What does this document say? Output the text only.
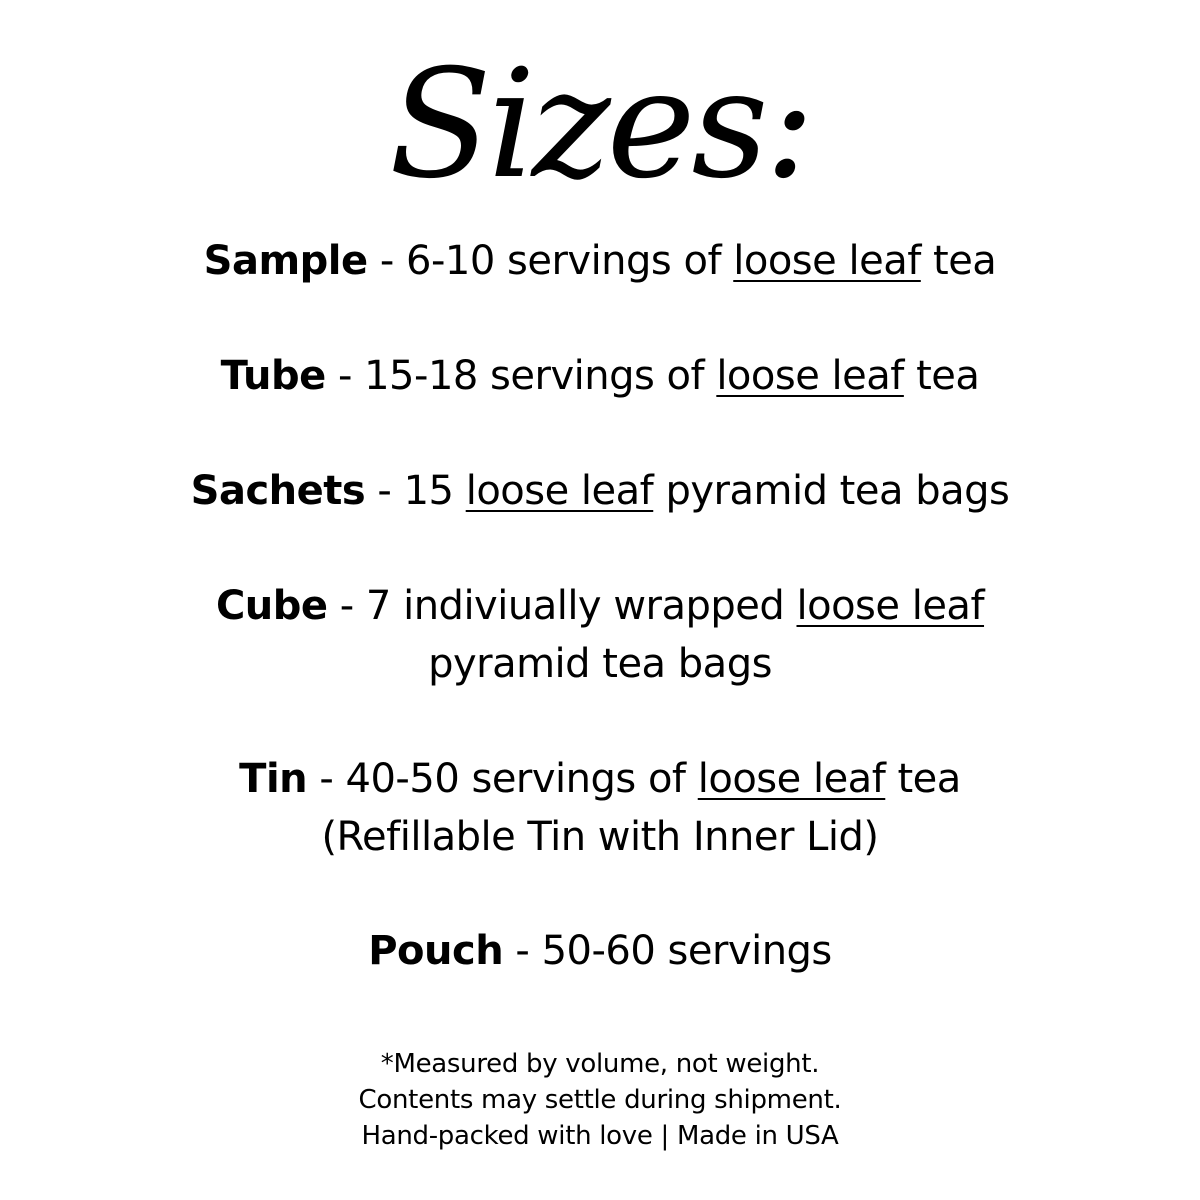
Sizes:
Sample - 6-10 servings of loose leaf tea
Tube - 15-18 servings of loose leaf tea
Sachets - 15 loose leaf pyramid tea bags
Cube - 7 indiviually wrapped loose leaf
pyramid tea bags
Tin - 40-50 servings of loose leaf tea
(Refillable Tin with Inner Lid)
Pouch - 50-60 servings
*Measured by volume, not weight.
Contents may settle during shipment.
Hand-packed with love | Made in USA
